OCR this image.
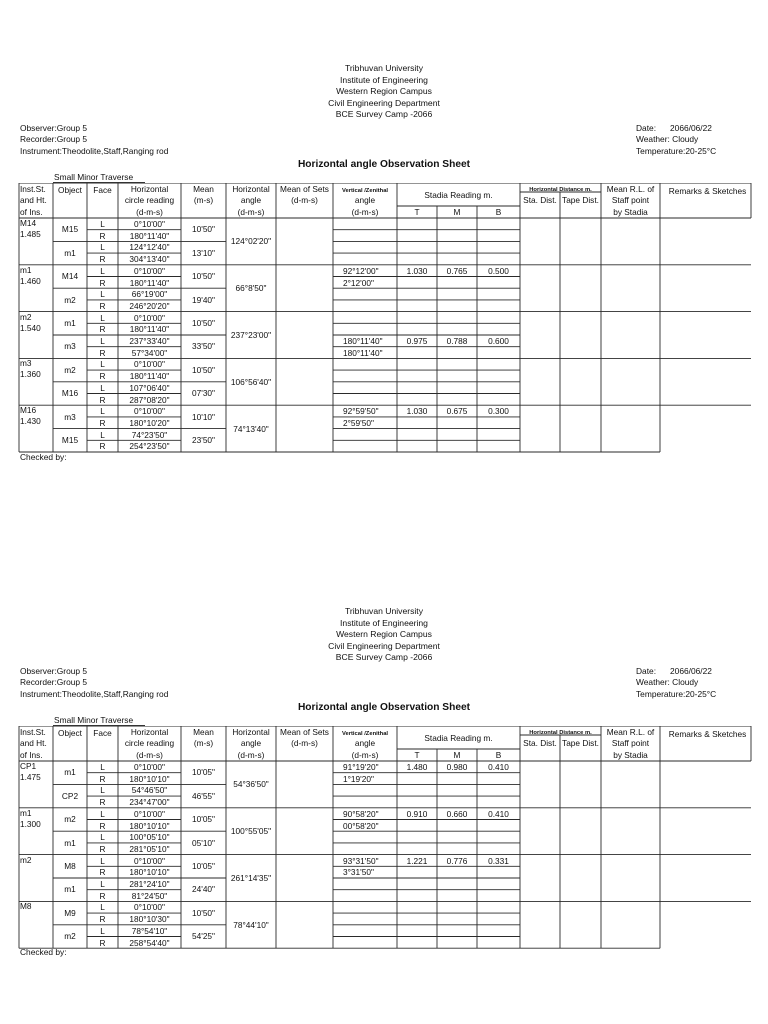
Tribhuvan University
Institute of Engineering
Western Region Campus
Civil Engineering Department
BCE Survey Camp -2066
Observer:Group 5
Recorder:Group 5
Instrument:Theodolite,Staff,Ranging rod
Date: 2066/06/22
Weather: Cloudy
Temperature:20-25°C
Horizontal angle Observation Sheet
Small Minor Traverse
Inst.St.
and Ht.
of Ins.
Object	Face	Horizontal
circle reading
(d-m-s)
Mean
(m-s)
Horizontal
angle
(d-m-s)
Mean of Sets
(d-m-s)
Vertical /Zenithal
angle
(d-m-s)
Stadia Reading m.
T	M	B
Horizontal Distance m.
Sta. Dist. Tape Dist.
Mean R.L. of
Staff point
by Stadia
Remarks & Sketches
M14
1.485
124°02'20"
M15	10'50"
L	0°10'00"
R	180°11'40"
m1	13'10"
L	124°12'40"
R	304°13'40"
m1
1.460
66°8'50"
M14	10'50"
L	0°10'00"	92°12'00"	1.030	0.765	0.500
R	180°11'40"	2°12'00"
m2	19'40"
L	66°19'00"
R	246°20'20"
m2
1.540
237°23'00"
m1	10'50"
L	0°10'00"
R	180°11'40"
m3	33'50"
L	237°33'40"	180°11'40"	0.975	0.788	0.600
R	57°34'00"	180°11'40"
m3
1.360
106°56'40"
m2	10'50"
L	0°10'00"
R	180°11'40"
M16	07'30"
L	107°06'40"
R	287°08'20"
M16
1.430
74°13'40"
m3	10'10"
L	0°10'00"	92°59'50"	1.030	0.675	0.300
R	180°10'20"	2°59'50"
M15	23'50"
L	74°23'50"
R	254°23'50"
Checked by:
Tribhuvan University
Institute of Engineering
Western Region Campus
Civil Engineering Department
BCE Survey Camp -2066
Observer:Group 5
Recorder:Group 5
Instrument:Theodolite,Staff,Ranging rod
Date: 2066/06/22
Weather: Cloudy
Temperature:20-25°C
Horizontal angle Observation Sheet
Small Minor Traverse
Inst.St.
and Ht.
of Ins.
Object	Face	Horizontal
circle reading
(d-m-s)
Mean
(m-s)
Horizontal
angle
(d-m-s)
Mean of Sets
(d-m-s)
Vertical /Zenithal
angle
(d-m-s)
Stadia Reading m.
T	M	B
Horizontal Distance m.
Sta. Dist. Tape Dist.
Mean R.L. of
Staff point
by Stadia
Remarks & Sketches
CP1
1.475
54°36'50"
m1	10'05"
L	0°10'00"	91°19'20"	1.480	0.980	0.410
R	180°10'10"	1°19'20"
CP2	46'55"
L	54°46'50"
R	234°47'00"
m1
1.300
100°55'05"
m2	10'05"
L	0°10'00"	90°58'20"	0.910	0.660	0.410
R	180°10'10"	00°58'20"
m1	05'10"
L	100°05'10"
R	281°05'10"
m2
261°14'35"
M8	10'05"
L	0°10'00"	93°31'50"	1.221	0.776	0.331
R	180°10'10"	3°31'50"
m1	24'40"
L	281°24'10"
R	81°24'50"
M8
78°44'10"
M9	10'50"
L	0°10'00"
R	180°10'30"
m2	54'25"
L	78°54'10"
R	258°54'40"
Checked by:
